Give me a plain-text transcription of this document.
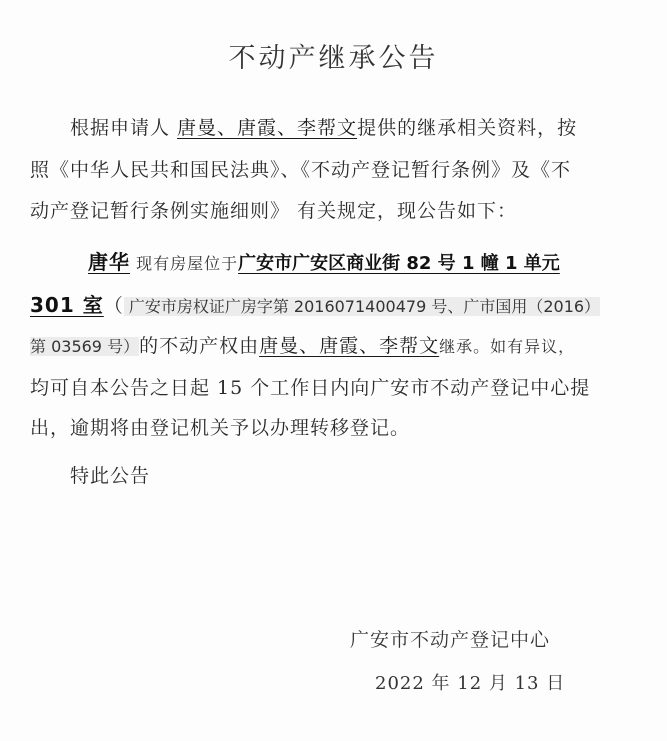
不动产继承公告
根据申请人 唐曼、唐霞、李帮文提供的继承相关资料，按
照《中华人民共和国民法典》、《不动产登记暂行条例》及《不
动产登记暂行条例实施细则》 有关规定，现公告如下：
唐华 现有房屋位于广安市广安区商业街 82 号 1 幢 1 单元
301 室（ 广安市房权证广房字第 2016071400479 号、广市国用（2016）
第 03569 号）的不动产权由唐曼、唐霞、李帮文继承。如有异议，
均可自本公告之日起 15 个工作日内向广安市不动产登记中心提
出，逾期将由登记机关予以办理转移登记。
特此公告
广安市不动产登记中心
2022 年 12 月 13 日
